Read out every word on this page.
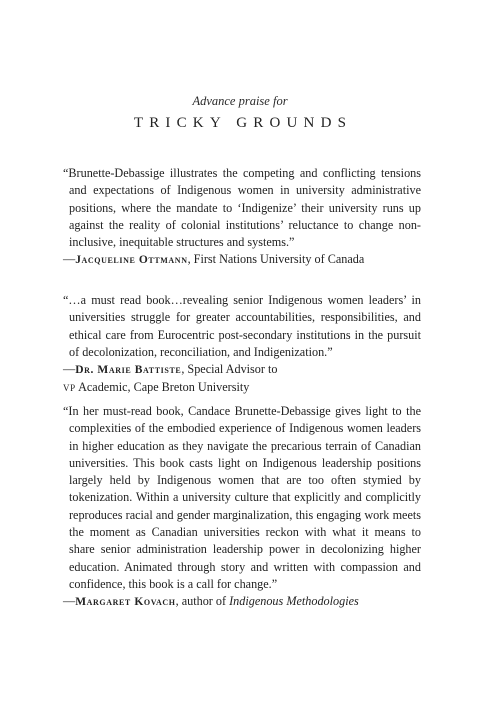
Advance praise for
TRICKY GROUNDS

“Brunette-Debassige illustrates the competing and conflicting tensions and expectations of Indigenous women in university administrative positions, where the mandate to ‘Indigenize’ their university runs up against the reality of colonial institutions’ reluctance to change non-inclusive, inequitable structures and systems.”

—Jacqueline Ottmann, First Nations University of Canada

“…a must read book…revealing senior Indigenous women leaders’ in universities struggle for greater accountabilities, responsibilities, and ethical care from Eurocentric post-secondary institutions in the pursuit of decolonization, reconciliation, and Indigenization.”

—Dr. Marie Battiste, Special Advisor to
vp Academic, Cape Breton University

“In her must-read book, Candace Brunette-Debassige gives light to the complexities of the embodied experience of Indigenous women leaders in higher education as they navigate the precarious terrain of Canadian universities. This book casts light on Indigenous leadership positions largely held by Indigenous women that are too often stymied by tokenization. Within a university culture that explicitly and complicitly reproduces racial and gender marginalization, this engaging work meets the moment as Canadian universities reckon with what it means to share senior administration leadership power in decolonizing higher education. Animated through story and written with compassion and confidence, this book is a call for change.”

—Margaret Kovach, author of Indigenous Methodologies
